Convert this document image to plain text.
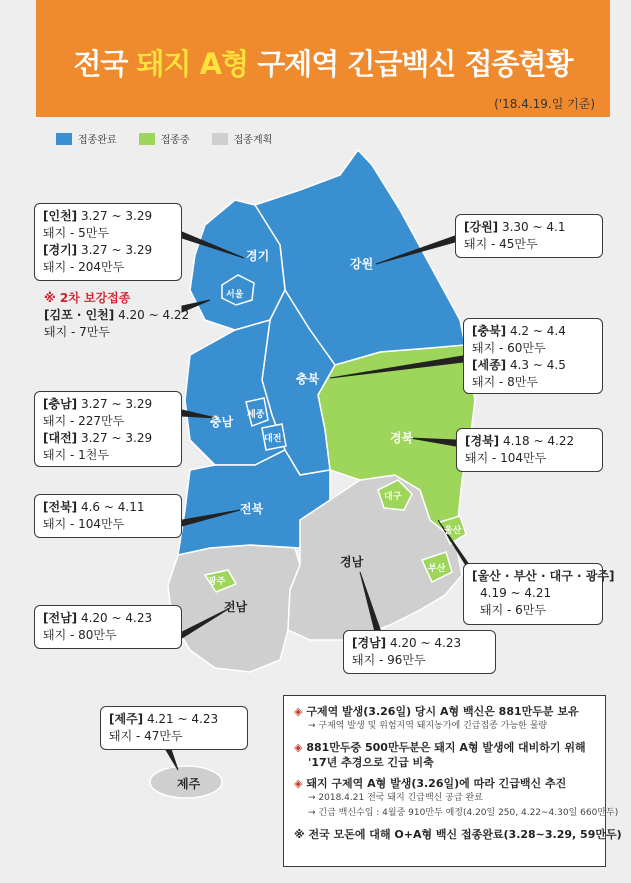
전국 돼지 A형 구제역 긴급백신 접종현황
('18.4.19.일 기준)
접종완료	접종중	접종계획
경기
서울
강원
충북
충남 세종
대전	경북
대구
울산
부산
전북
광주
전남
경남
제주
[인천] 3.27 ~ 3.29
돼지 - 5만두
[경기] 3.27 ~ 3.29
돼지 - 204만두
※ 2차 보강접종
[김포 · 인천] 4.20 ~ 4.22
돼지 - 7만두
[충남] 3.27 ~ 3.29
돼지 - 227만두
[대전] 3.27 ~ 3.29
돼지 - 1천두
[전북] 4.6 ~ 4.11
돼지 - 104만두
[전남] 4.20 ~ 4.23
돼지 - 80만두
[제주] 4.21 ~ 4.23
돼지 - 47만두
[강원] 3.30 ~ 4.1
돼지 - 45만두
[충북] 4.2 ~ 4.4
돼지 - 60만두
[세종] 4.3 ~ 4.5
돼지 - 8만두
[경북] 4.18 ~ 4.22
돼지 - 104만두
[울산 · 부산 · 대구 · 광주]
4.19 ~ 4.21
돼지 - 6만두
[경남] 4.20 ~ 4.23
돼지 - 96만두
◈ 구제역 발생(3.26일) 당시 A형 백신은 881만두분 보유
→ 구제역 발생 및 위험지역 돼지농가에 긴급접종 가능한 물량
◈ 881만두중 500만두분은 돼지 A형 발생에 대비하기 위해
'17년 추경으로 긴급 비축
◈ 돼지 구제역 A형 발생(3.26일)에 따라 긴급백신 추진
→ 2018.4.21 전국 돼지 긴급백신 공급 완료
→ 긴급 백신수입 : 4월중 910만두 예정(4.20일 250, 4.22~4.30일 660만두)
※ 전국 모돈에 대해 O+A형 백신 접종완료(3.28~3.29, 59만두)
